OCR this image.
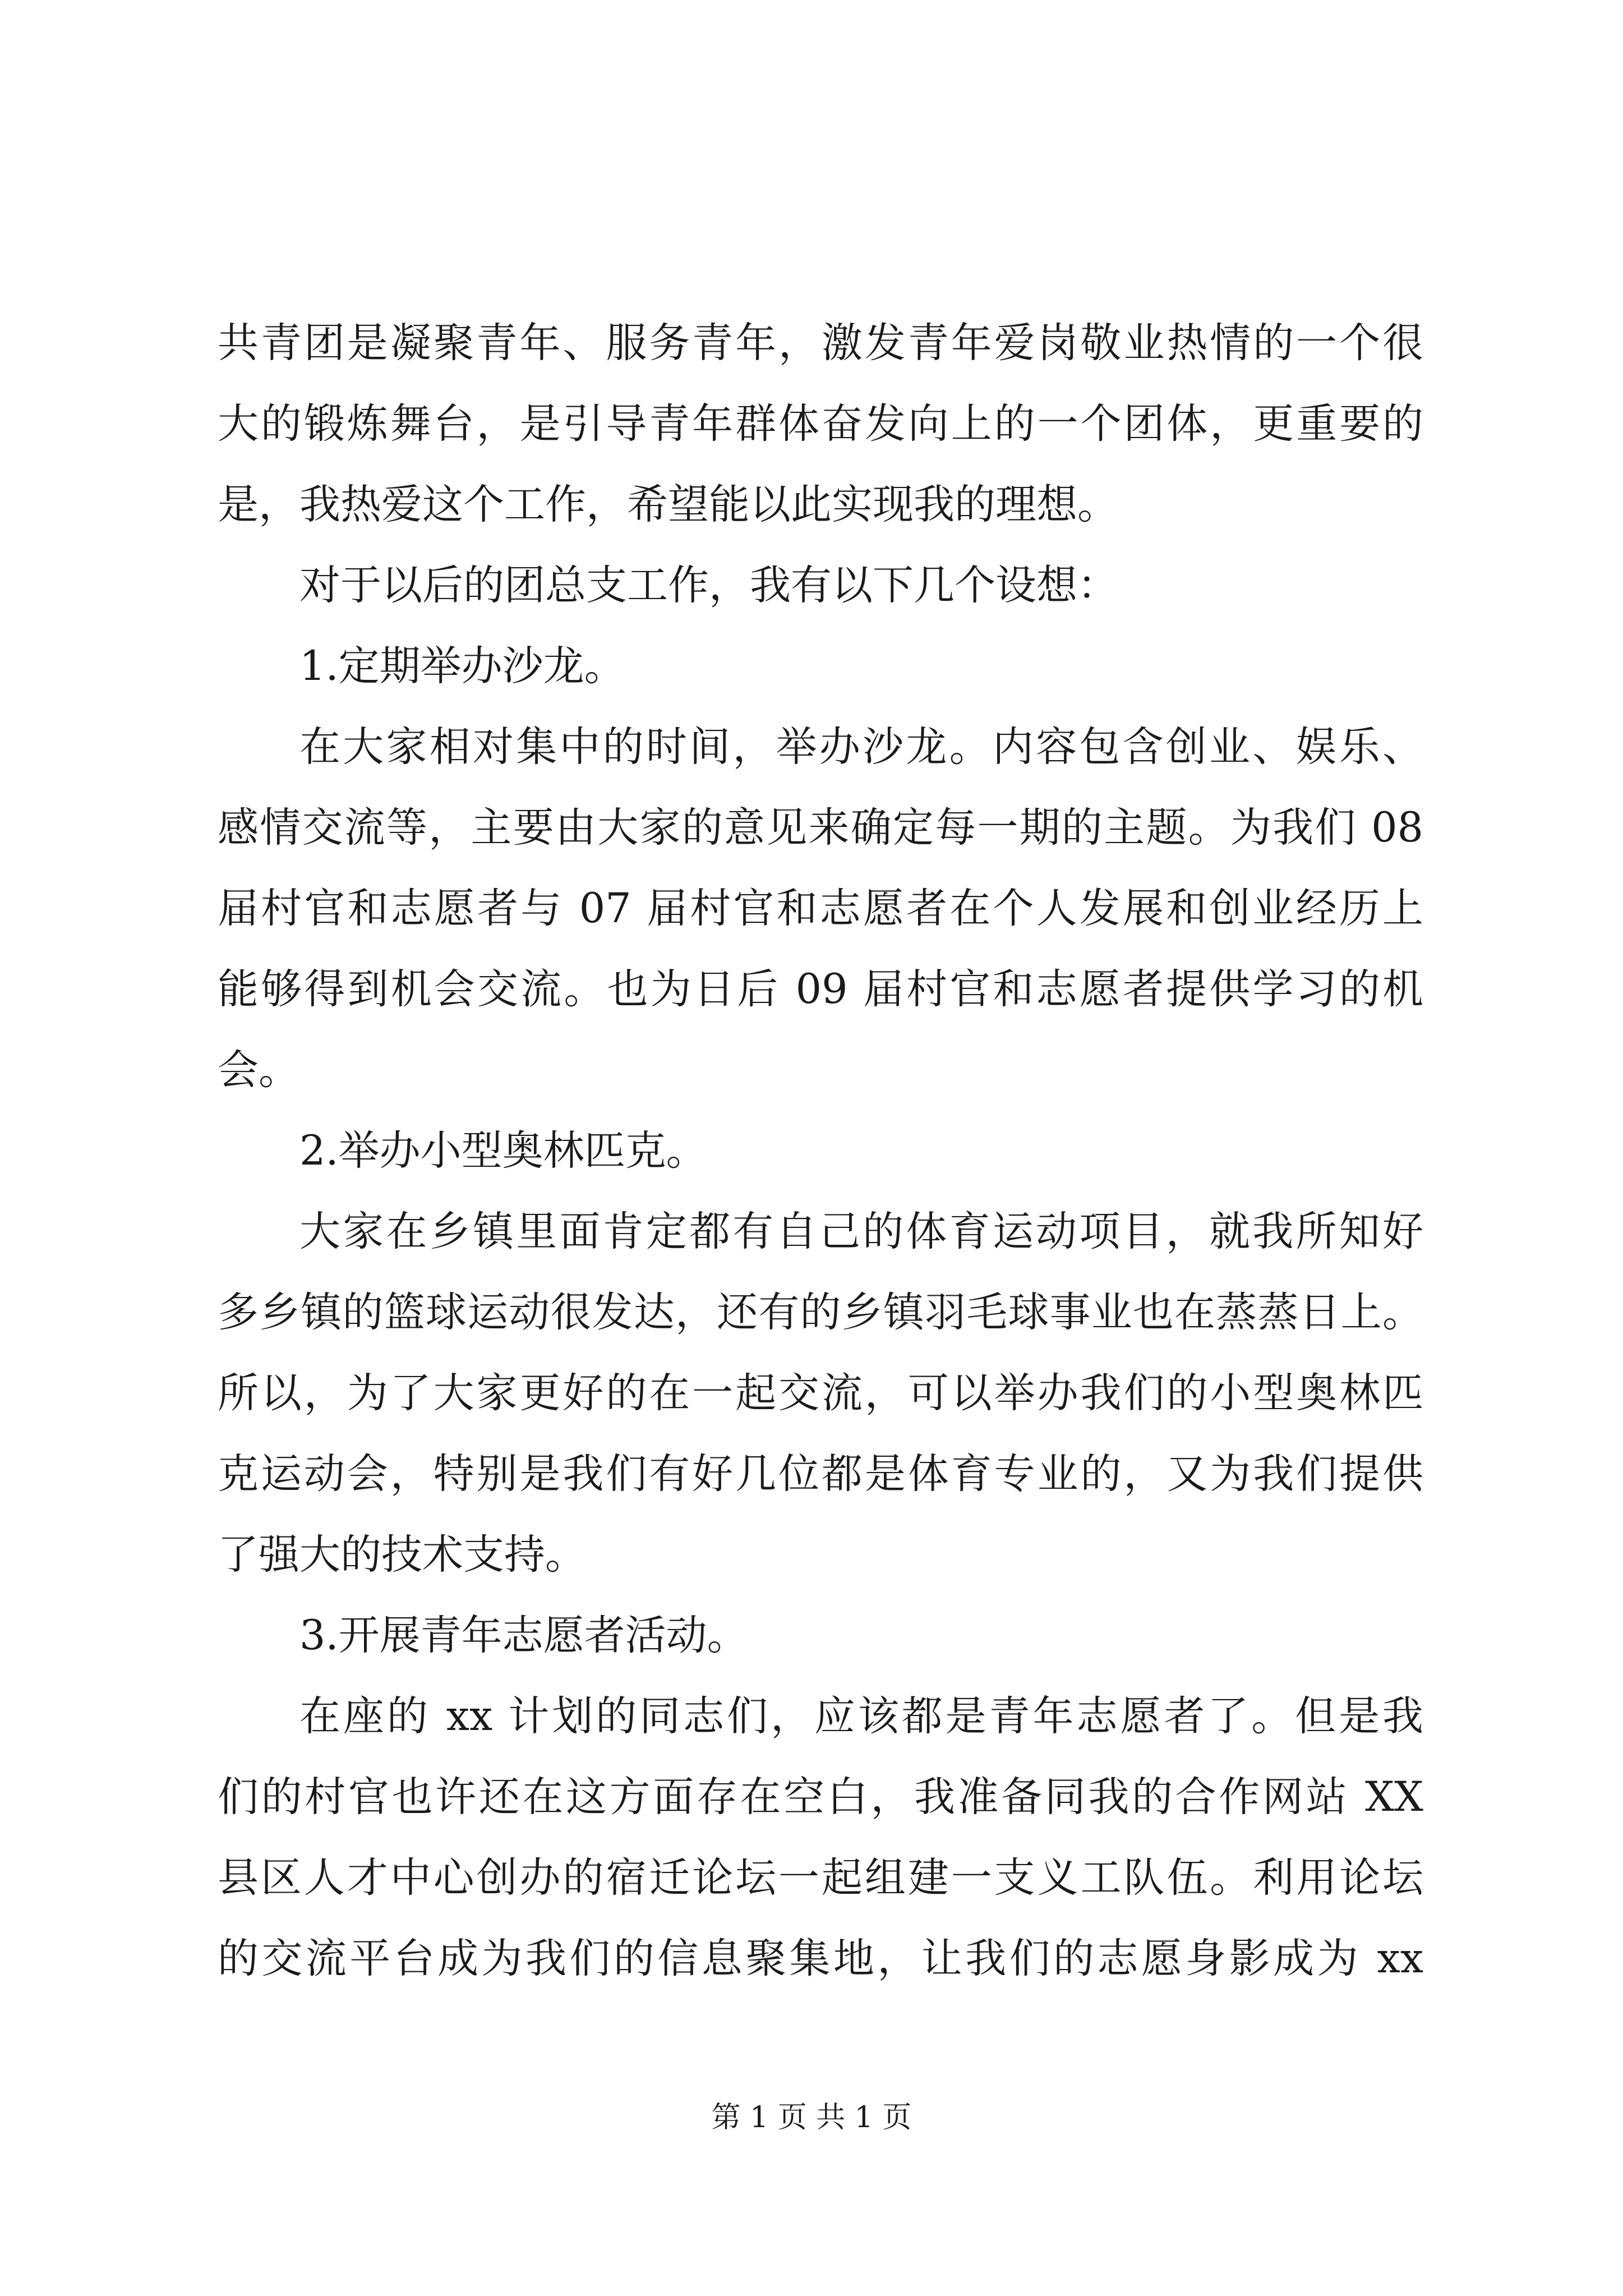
共青团是凝聚青年、服务青年，激发青年爱岗敬业热情的一个很
大的锻炼舞台，是引导青年群体奋发向上的一个团体，更重要的
是，我热爱这个工作，希望能以此实现我的理想。
对于以后的团总支工作，我有以下几个设想：
1.定期举办沙龙。
在大家相对集中的时间，举办沙龙。内容包含创业、娱乐、
感情交流等，主要由大家的意见来确定每一期的主题。为我们 08
届村官和志愿者与 07 届村官和志愿者在个人发展和创业经历上
能够得到机会交流。也为日后 09 届村官和志愿者提供学习的机
会。
2.举办小型奥林匹克。
大家在乡镇里面肯定都有自己的体育运动项目，就我所知好
多乡镇的篮球运动很发达，还有的乡镇羽毛球事业也在蒸蒸日上。
所以，为了大家更好的在一起交流，可以举办我们的小型奥林匹
克运动会，特别是我们有好几位都是体育专业的，又为我们提供
了强大的技术支持。
3.开展青年志愿者活动。
在座的 xx 计划的同志们，应该都是青年志愿者了。但是我
们的村官也许还在这方面存在空白，我准备同我的合作网站 XX
县区人才中心创办的宿迁论坛一起组建一支义工队伍。利用论坛
的交流平台成为我们的信息聚集地，让我们的志愿身影成为 xx
第 1 页 共 1 页
